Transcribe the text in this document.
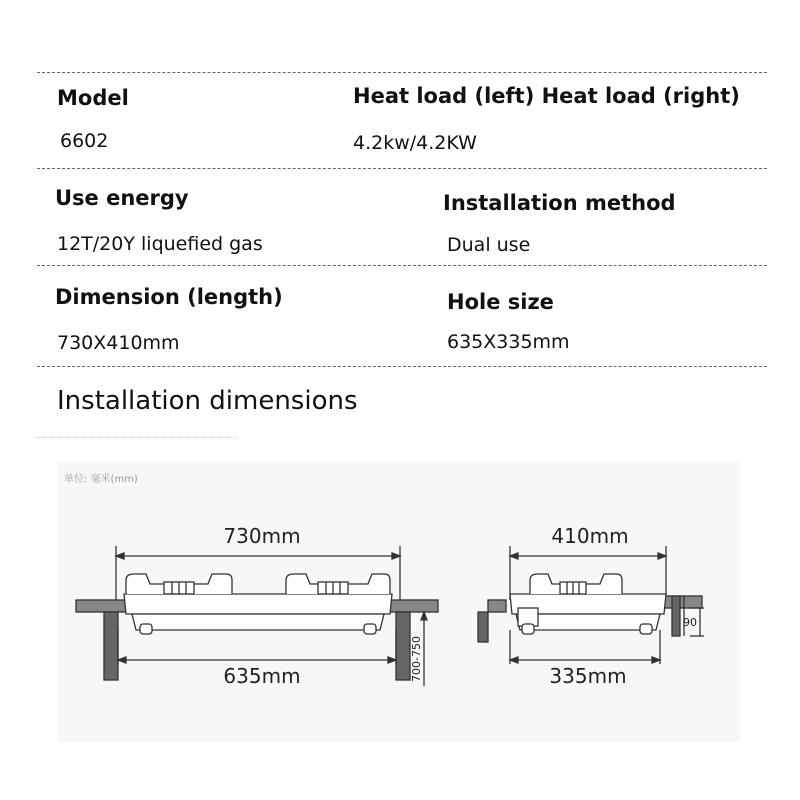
Model	Heat load (left) Heat load (right)
6602	4.2kw/4.2KW
Use energy	Installation method
12T/20Y liquefied gas	Dual use
Dimension (length)	Hole size
730X410mm	635X335mm
Installation dimensions
单位: 毫米(mm)
730mm
635mm	700-750
410mm
335mm
90
